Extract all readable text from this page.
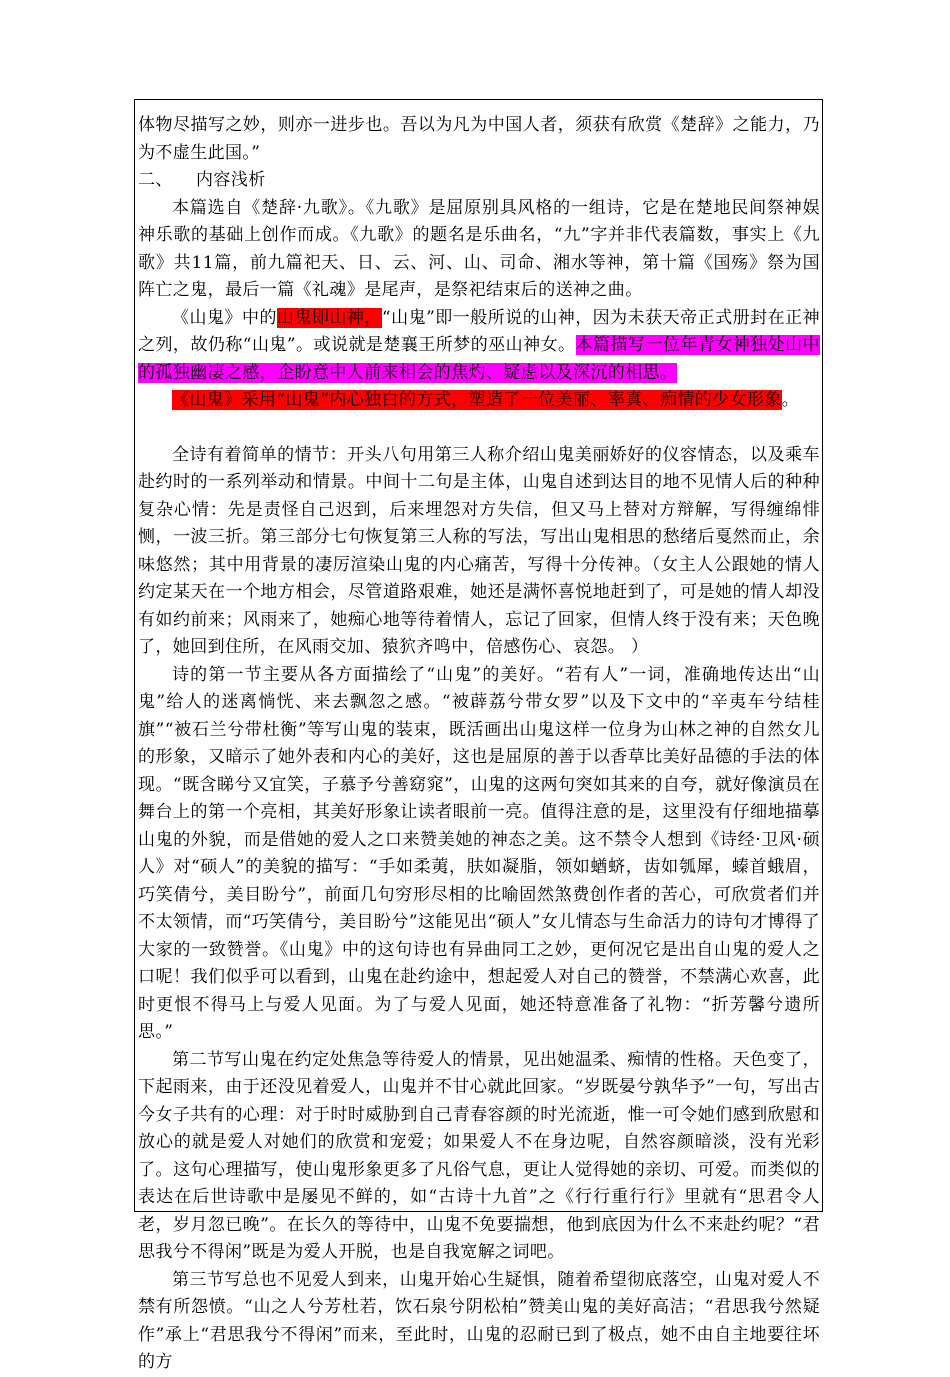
体物尽描写之妙，则亦一进步也。吾以为凡为中国人者，须获有欣赏《楚辞》之能力，乃为不虚生此国。”

二、    内容浅析

本篇选自《楚辞·九歌》。《九歌》是屈原别具风格的一组诗，它是在楚地民间祭神娱神乐歌的基础上创作而成。《九歌》的题名是乐曲名，“九”字并非代表篇数，事实上《九歌》共11篇，前九篇祀天、日、云、河、山、司命、湘水等神，第十篇《国殇》祭为国阵亡之鬼，最后一篇《礼魂》是尾声，是祭祀结束后的送神之曲。

《山鬼》中的山鬼即山神，“山鬼”即一般所说的山神，因为未获天帝正式册封在正神之列，故仍称“山鬼”。或说就是楚襄王所梦的巫山神女。本篇描写一位年青女神独处山中的孤独幽凄之感，企盼意中人前来相会的焦灼、疑虑以及深沉的相思。

《山鬼》采用“山鬼”内心独白的方式，塑造了一位美丽、率真、痴情的少女形象。

全诗有着简单的情节：开头八句用第三人称介绍山鬼美丽娇好的仪容情态，以及乘车赴约时的一系列举动和情景。中间十二句是主体，山鬼自述到达目的地不见情人后的种种复杂心情：先是责怪自己迟到，后来埋怨对方失信，但又马上替对方辩解，写得缠绵悱恻，一波三折。第三部分七句恢复第三人称的写法，写出山鬼相思的愁绪后戛然而止，余味悠然；其中用背景的凄厉渲染山鬼的内心痛苦，写得十分传神。（女主人公跟她的情人约定某天在一个地方相会，尽管道路艰难，她还是满怀喜悦地赶到了，可是她的情人却没有如约前来；风雨来了，她痴心地等待着情人，忘记了回家，但情人终于没有来；天色晚了，她回到住所，在风雨交加、猿狖齐鸣中，倍感伤心、哀怨。 ）

诗的第一节主要从各方面描绘了“山鬼”的美好。“若有人”一词，准确地传达出“山鬼”给人的迷离惝恍、来去飘忽之感。“被薜荔兮带女罗”以及下文中的“辛夷车兮结桂旗”“被石兰兮带杜衡”等写山鬼的装束，既活画出山鬼这样一位身为山林之神的自然女儿的形象，又暗示了她外表和内心的美好，这也是屈原的善于以香草比美好品德的手法的体现。“既含睇兮又宜笑，子慕予兮善窈窕”，山鬼的这两句突如其来的自夸，就好像演员在舞台上的第一个亮相，其美好形象让读者眼前一亮。值得注意的是，这里没有仔细地描摹山鬼的外貌，而是借她的爱人之口来赞美她的神态之美。这不禁令人想到《诗经·卫风·硕人》对“硕人”的美貌的描写：“手如柔荑，肤如凝脂，领如蝤蛴，齿如瓠犀，螓首蛾眉，巧笑倩兮，美目盼兮”，前面几句穷形尽相的比喻固然煞费创作者的苦心，可欣赏者们并不太领情，而“巧笑倩兮，美目盼兮”这能见出“硕人”女儿情态与生命活力的诗句才博得了大家的一致赞誉。《山鬼》中的这句诗也有异曲同工之妙，更何况它是出自山鬼的爱人之口呢！我们似乎可以看到，山鬼在赴约途中，想起爱人对自己的赞誉，不禁满心欢喜，此时更恨不得马上与爱人见面。为了与爱人见面，她还特意准备了礼物：“折芳馨兮遗所思。”

第二节写山鬼在约定处焦急等待爱人的情景，见出她温柔、痴情的性格。天色变了，下起雨来，由于还没见着爱人，山鬼并不甘心就此回家。“岁既晏兮孰华予”一句，写出古今女子共有的心理：对于时时威胁到自己青春容颜的时光流逝，惟一可令她们感到欣慰和放心的就是爱人对她们的欣赏和宠爱；如果爱人不在身边呢，自然容颜暗淡，没有光彩了。这句心理描写，使山鬼形象更多了凡俗气息，更让人觉得她的亲切、可爱。而类似的表达在后世诗歌中是屡见不鲜的，如“古诗十九首”之《行行重行行》里就有“思君令人老，岁月忽已晚”。在长久的等待中，山鬼不免要揣想，他到底因为什么不来赴约呢？“君思我兮不得闲”既是为爱人开脱，也是自我宽解之词吧。

第三节写总也不见爱人到来，山鬼开始心生疑惧，随着希望彻底落空，山鬼对爱人不禁有所怨愤。“山之人兮芳杜若，饮石泉兮阴松柏”赞美山鬼的美好高洁；“君思我兮然疑作”承上“君思我兮不得闲”而来，至此时，山鬼的忍耐已到了极点，她不由自主地要往坏的方
